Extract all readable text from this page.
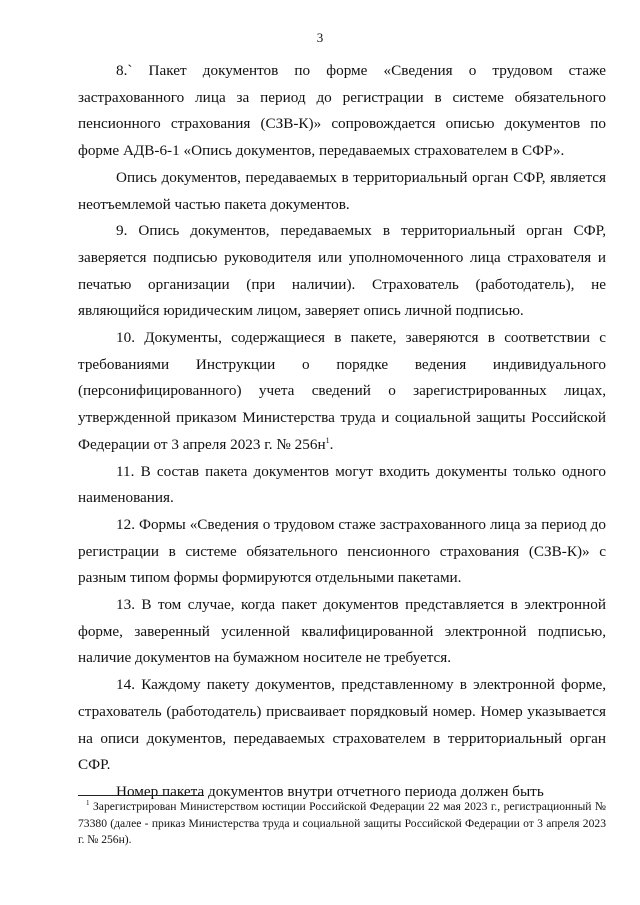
3

8.` Пакет документов по форме «Сведения о трудовом стаже застрахованного лица за период до регистрации в системе обязательного пенсионного страхования (СЗВ-К)» сопровождается описью документов по форме АДВ-6-1 «Опись документов, передаваемых страхователем в СФР».

Опись документов, передаваемых в территориальный орган СФР, является неотъемлемой частью пакета документов.

9. Опись документов, передаваемых в территориальный орган СФР, заверяется подписью руководителя или уполномоченного лица страхователя и печатью организации (при наличии). Страхователь (работодатель), не являющийся юридическим лицом, заверяет опись личной подписью.

10. Документы, содержащиеся в пакете, заверяются в соответствии с требованиями Инструкции о порядке ведения индивидуального (персонифицированного) учета сведений о зарегистрированных лицах, утвержденной приказом Министерства труда и социальной защиты Российской Федерации от 3 апреля 2023 г. № $256н^1$.

11. В состав пакета документов могут входить документы только одного наименования.

12. Формы «Сведения о трудовом стаже застрахованного лица за период до регистрации в системе обязательного пенсионного страхования (СЗВ-К)» с разным типом формы формируются отдельными пакетами.

13. В том случае, когда пакет документов представляется в электронной форме, заверенный усиленной квалифицированной электронной подписью, наличие документов на бумажном носителе не требуется.

14. Каждому пакету документов, представленному в электронной форме, страхователь (работодатель) присваивает порядковый номер. Номер указывается на описи документов, передаваемых страхователем в территориальный орган СФР.

Номер пакета документов внутри отчетного периода должен быть

$^1$ Зарегистрирован Министерством юстиции Российской Федерации 22 мая 2023 г., регистрационный № 73380 (далее - приказ Министерства труда и социальной защиты Российской Федерации от 3 апреля 2023 г. № 256н).
